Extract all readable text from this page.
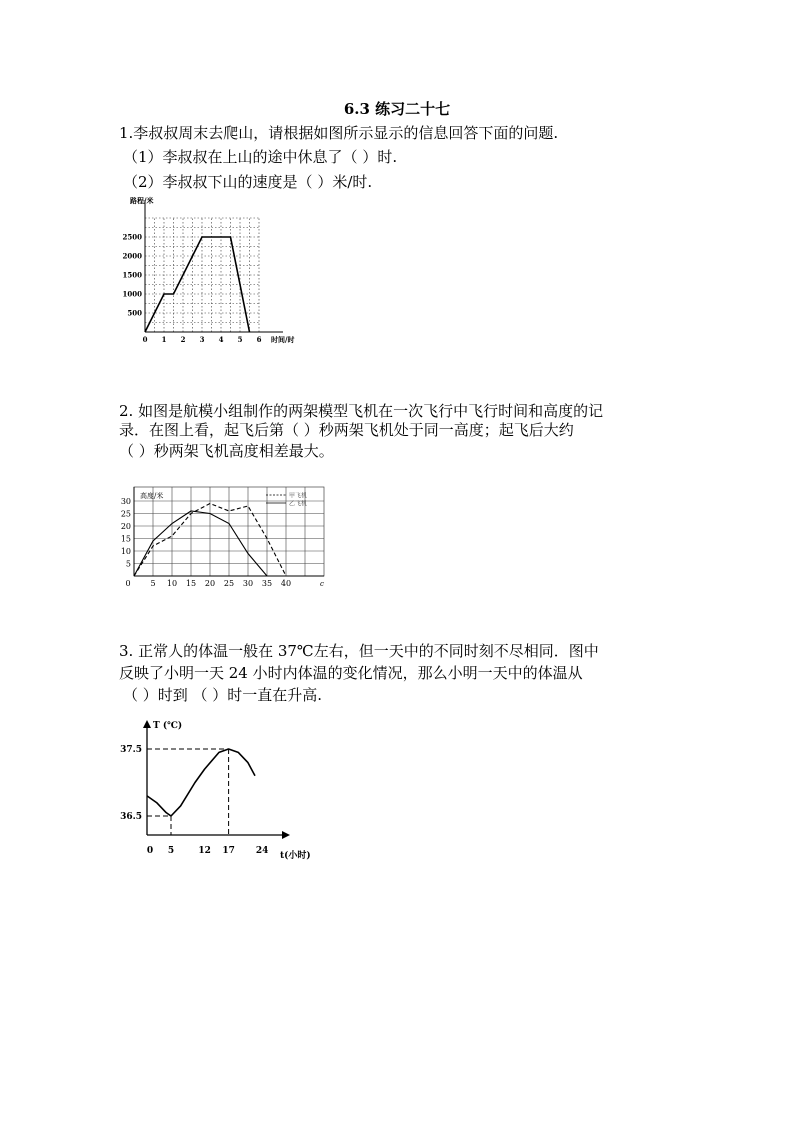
6.3 练习二十七
1.李叔叔周末去爬山，请根据如图所示显示的信息回答下面的问题.
（1）李叔叔在上山的途中休息了（ ）时.
（2）李叔叔下山的速度是（ ）米/时.
路程/米
时间/时
0 1 2 3 4 5 6
500
1000
1500
2000
2500
2. 如图是航模小组制作的两架模型飞机在一次飞行中飞行时间和高度的记
录．在图上看，起飞后第（ ）秒两架飞机处于同一高度；起飞后大约
（ ）秒两架飞机高度相差最大。
高度/米
c
0 5 10 15 20 25 30 35 40
5
10
15
20
25
30
甲飞机
乙飞机
3. 正常人的体温一般在 37℃左右，但一天中的不同时刻不尽相同．图中
反映了小明一天 24 小时内体温的变化情况，那么小明一天中的体温从
（ ）时到 （ ）时一直在升高.
T (℃)
t(小时)
0 5	12 17 24
36.5
37.5
